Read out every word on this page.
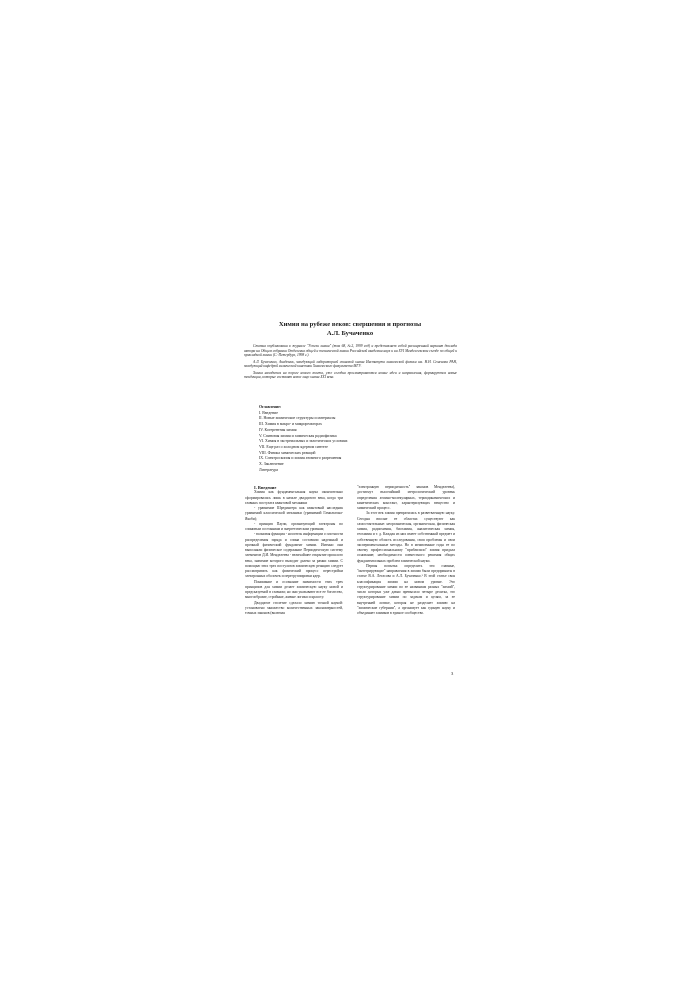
Химия на рубеже веков: свершения и прогнозы

А.Л. Бучаченко

Статья опубликована в журнале "Успехи химии" (том 68, №2, 1999 год) и представляет собой расширенный вариант доклада автора на Общем собрании Отделения общей и технической химии Российской академии наук и на XVI Менделеевском съезде по общей и прикладной химии (С.-Петербург, 1998 г.).

А.Л. Бучаченко, Академик, заведующий лабораторией спиновой химии Института химической физики им. Н.Н. Семенова РАН, заведующий кафедрой химической кинетики Химического факультета МГУ.

Химия находится на пороге нового взлета, уже сегодня просматриваются новые идеи и направления, формируются новые тенденции, которые составят новое лицо химии XXI века.

Оглавление:

I. Введение

II. Новые химические структуры и материалы

III. Химия в макро- и микрореакторах

IV. Когерентная химия

V. Спиновая химия и химическая радиофизика

VI. Химия в экстремальных и экзотических условиях

VII. Еще раз о холодном ядерном синтезе

VIII. Физика химических реакций

IX. Спектроскопия и химия атомного разрешения

X. Заключение

Литература

I. Введение

Химия как фундаментальная наука окончательно сформировалась лишь в начале двадцатого века, когда три главных постулата квантовой механики

- уравнение Шредингера как квантовый наследник уравнений классической механики (уравнений Гамильтона-Якоби);

- принцип Паули, организующий электроны по спиновым состояниям и энергетическим уровням;

- волновая функция - носитель информации о плотности распределения заряда и спина составили надежный и прочный физический фундамент химии. Именно они выполняли физическое содержание Периодическую систему элементов Д.И. Менделеева - величайшее открытие прошлого века, значение которого выходит далеко за рамки химии. С помощью этих трех постулатов химическую реакцию следует рассматривать как физический процесс перестройки электронных оболочек и перегруппировки ядер.

Понимание и осознание значимости этих трех принципов для химии делает химическую науку новой и предсказуемой в главном; но они указывают все ее богатство, многообразие, стройные, живые логики и красоту.

Двадцатое столетие сделало химию точной наукой: установлено множество количественных закономерностей, точных законов (включая

"электронную периодичность" законов Менделеева), достигнут высочайший метрологический уровень определения атомно-молекулярных, термодинамических и кинетических констант, характеризующих вещество и химический процесс.

За этот век химия превратилась в разветвленную науку. Сегодня вполне ее областях существуют как самостоятельные: неорганическая, органическая, физическая химия, радиохимия, биохимия, аналитическая химия, геохимия и т. д. Каждая из них имеет собственный предмет и собственную область исследования, свои проблемы и свои экспериментальные методы. Но в межвоенные годы ее по своему профессиональному "приблизило" химия придала основание; необходимости совместного решения общих фундаментальных проблем химической науки.

Первая попытка определить эти главные, "интегрирующие" направления в химии были предприняты в статье В.А. Легасова и А.Л. Бучаченко.¹ В этой статье своя классификация химии на новом уровне. Это структурирование химии по ее названиям разных "химий", число которых уже давно превысило четыре десятка, это структурирование химии по задачам и целям, за ее внутренней логике, которая не разделяет химию на "химические губернии", а организует как единую науку и объединяет химиков в единое сообщество.

3
